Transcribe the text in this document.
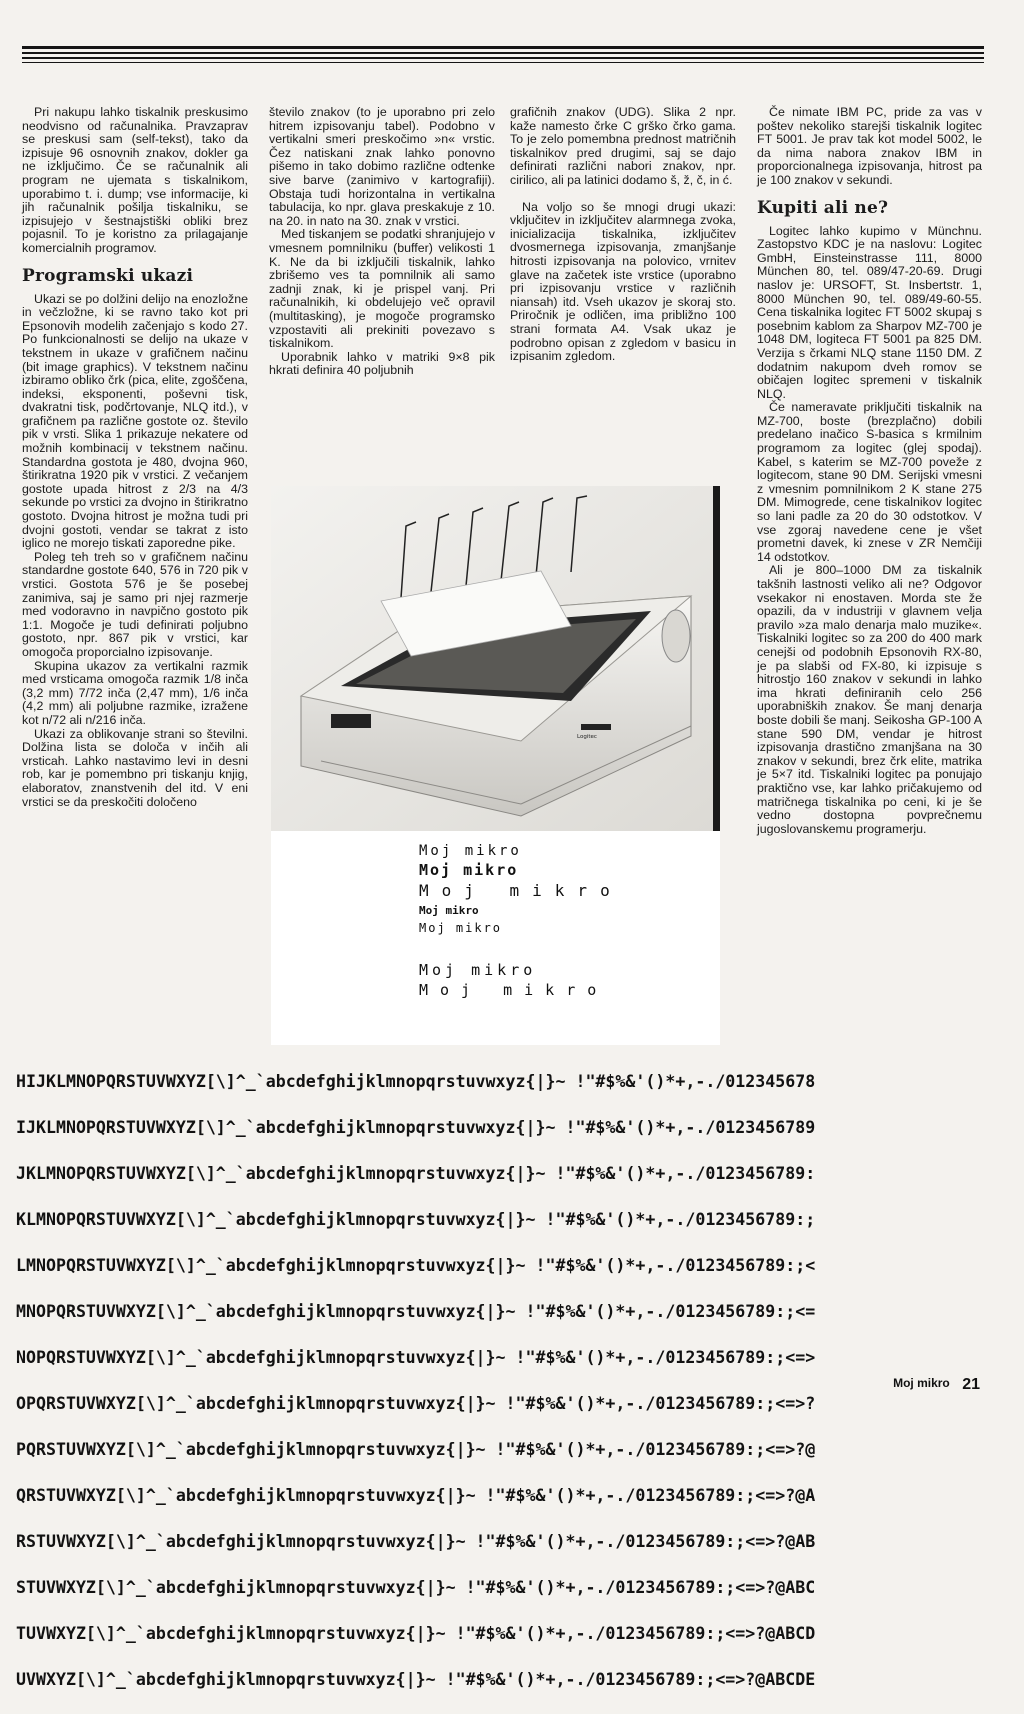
Pri nakupu lahko tiskalnik preskusimo neodvisno od računalnika. Pravzaprav se preskusi sam (self-tekst), tako da izpisuje 96 osnovnih znakov, dokler ga ne izključimo. Če se računalnik ali program ne ujemata s tiskalnikom, uporabimo t. i. dump; vse informacije, ki jih računalnik pošilja tiskalniku, se izpisujejo v šestnajstiški obliki brez pojasnil. To je koristno za prilagajanje komercialnih programov.

Programski ukazi

Ukazi se po dolžini delijo na enozložne in večzložne, ki se ravno tako kot pri Epsonovih modelih začenjajo s kodo 27. Po funkcionalnosti se delijo na ukaze v tekstnem in ukaze v grafičnem načinu (bit image graphics). V tekstnem načinu izbiramo obliko črk (pica, elite, zgoščena, indeksi, eksponenti, poševni tisk, dvakratni tisk, podčrtovanje, NLQ itd.), v grafičnem pa različne gostote oz. število pik v vrsti. Slika 1 prikazuje nekatere od možnih kombinacij v tekstnem načinu. Standardna gostota je 480, dvojna 960, štirikratna 1920 pik v vrstici. Z večanjem gostote upada hitrost z 2/3 na 4/3 sekunde po vrstici za dvojno in štirikratno gostoto. Dvojna hitrost je možna tudi pri dvojni gostoti, vendar se takrat z isto iglico ne morejo tiskati zaporedne pike.

Poleg teh treh so v grafičnem načinu standardne gostote 640, 576 in 720 pik v vrstici. Gostota 576 je še posebej zanimiva, saj je samo pri njej razmerje med vodoravno in navpično gostoto pik 1:1. Mogoče je tudi definirati poljubno gostoto, npr. 867 pik v vrstici, kar omogoča proporcialno izpisovanje.

Skupina ukazov za vertikalni razmik med vrsticama omogoča razmik 1/8 inča (3,2 mm) 7/72 inča (2,47 mm), 1/6 inča (4,2 mm) ali poljubne razmike, izražene kot n/72 ali n/216 inča.

Ukazi za oblikovanje strani so številni. Dolžina lista se določa v inčih ali vrsticah. Lahko nastavimo levi in desni rob, kar je pomembno pri tiskanju knjig, elaboratov, znanstvenih del itd. V eni vrstici se da preskočiti določeno

število znakov (to je uporabno pri zelo hitrem izpisovanju tabel). Podobno v vertikalni smeri preskočimo »n« vrstic. Čez natiskani znak lahko ponovno pišemo in tako dobimo različne odtenke sive barve (zanimivo v kartografiji). Obstaja tudi horizontalna in vertikalna tabulacija, ko npr. glava preskakuje z 10. na 20. in nato na 30. znak v vrstici.

Med tiskanjem se podatki shranjujejo v vmesnem pomnilniku (buffer) velikosti 1 K. Ne da bi izključili tiskalnik, lahko zbrišemo ves ta pomnilnik ali samo zadnji znak, ki je prispel vanj. Pri računalnikih, ki obdelujejo več opravil (multitasking), je mogoče programsko vzpostaviti ali prekiniti povezavo s tiskalnikom.

Uporabnik lahko v matriki 9×8 pik hkrati definira 40 poljubnih

grafičnih znakov (UDG). Slika 2 npr. kaže namesto črke C grško črko gama. To je zelo pomembna prednost matričnih tiskalnikov pred drugimi, saj se dajo definirati različni nabori znakov, npr. cirilico, ali pa latinici dodamo š, ž, č, in ć.

Na voljo so še mnogi drugi ukazi: vključitev in izključitev alarmnega zvoka, inicializacija tiskalnika, izključitev dvosmernega izpisovanja, zmanjšanje hitrosti izpisovanja na polovico, vrnitev glave na začetek iste vrstice (uporabno pri izpisovanju vrstice v različnih niansah) itd. Vseh ukazov je skoraj sto. Priročnik je odličen, ima približno 100 strani formata A4. Vsak ukaz je podrobno opisan z zgledom v basicu in izpisanim zgledom.

Če nimate IBM PC, pride za vas v poštev nekoliko starejši tiskalnik logitec FT 5001. Je prav tak kot model 5002, le da nima nabora znakov IBM in proporcionalnega izpisovanja, hitrost pa je 100 znakov v sekundi.

Kupiti ali ne?

Logitec lahko kupimo v Münchnu. Zastopstvo KDC je na naslovu: Logitec GmbH, Einsteinstrasse 111, 8000 München 80, tel. 089/47-20-69. Drugi naslov je: URSOFT, St. Insbertstr. 1, 8000 München 90, tel. 089/49-60-55. Cena tiskalnika logitec FT 5002 skupaj s posebnim kablom za Sharpov MZ-700 je 1048 DM, logitecа FT 5001 pa 825 DM. Verzija s črkami NLQ stane 1150 DM. Z dodatnim nakupom dveh romov se običajen logitec spremeni v tiskalnik NLQ.

Če nameravate priključiti tiskalnik na MZ-700, boste (brezplačno) dobili predelano inačico S-basica s krmilnim programom za logitec (glej spodaj). Kabel, s katerim se MZ-700 poveže z logitecom, stane 90 DM. Serijski vmesni z vmesnim pomnilnikom 2 K stane 275 DM. Mimogrede, cene tiskalnikov logitec so lani padle za 20 do 30 odstotkov. V vse zgoraj navedene cene je všet prometni davek, ki znese v ZR Nemčiji 14 odstotkov.

Ali je 800–1000 DM za tiskalnik takšnih lastnosti veliko ali ne? Odgovor vsekakor ni enostaven. Morda ste že opazili, da v industriji v glavnem velja pravilo »za malo denarja malo muzike«. Tiskalniki logitec so za 200 do 400 mark cenejši od podobnih Epsonovih RX-80, je pa slabši od FX-80, ki izpisuje s hitrostjo 160 znakov v sekundi in lahko ima hkrati definiranih celo 256 uporabniških znakov. Še manj denarja boste dobili še manj. Seikosha GP-100 A stane 590 DM, vendar je hitrost izpisovanja drastično zmanjšana na 30 znakov v sekundi, brez črk elite, matrika je 5×7 itd. Tiskalniki logitec pa ponujajo praktično vse, kar lahko pričakujemo od matričnega tiskalnika po ceni, ki je še vedno dostopna povprečnemu jugoslovanskemu programerju.

Logitec
Moj mikro
Moj mikro
Moj mikro
Moj mikro
Moj mikro
Moj mikro
Moj mikro

HIJKLMNOPQRSTUVWXYZ[\]^_`abcdefghijklmnopqrstuvwxyz{|}~ !"#$%&'()*+,-./012345678

IJKLMNOPQRSTUVWXYZ[\]^_`abcdefghijklmnopqrstuvwxyz{|}~ !"#$%&'()*+,-./0123456789

JKLMNOPQRSTUVWXYZ[\]^_`abcdefghijklmnopqrstuvwxyz{|}~ !"#$%&'()*+,-./0123456789:

KLMNOPQRSTUVWXYZ[\]^_`abcdefghijklmnopqrstuvwxyz{|}~ !"#$%&'()*+,-./0123456789:;

LMNOPQRSTUVWXYZ[\]^_`abcdefghijklmnopqrstuvwxyz{|}~ !"#$%&'()*+,-./0123456789:;<

MNOPQRSTUVWXYZ[\]^_`abcdefghijklmnopqrstuvwxyz{|}~ !"#$%&'()*+,-./0123456789:;<=

NOPQRSTUVWXYZ[\]^_`abcdefghijklmnopqrstuvwxyz{|}~ !"#$%&'()*+,-./0123456789:;<=>

OPQRSTUVWXYZ[\]^_`abcdefghijklmnopqrstuvwxyz{|}~ !"#$%&'()*+,-./0123456789:;<=>?

PQRSTUVWXYZ[\]^_`abcdefghijklmnopqrstuvwxyz{|}~ !"#$%&'()*+,-./0123456789:;<=>?@

QRSTUVWXYZ[\]^_`abcdefghijklmnopqrstuvwxyz{|}~ !"#$%&'()*+,-./0123456789:;<=>?@A

RSTUVWXYZ[\]^_`abcdefghijklmnopqrstuvwxyz{|}~ !"#$%&'()*+,-./0123456789:;<=>?@AB

STUVWXYZ[\]^_`abcdefghijklmnopqrstuvwxyz{|}~ !"#$%&'()*+,-./0123456789:;<=>?@ABC

TUVWXYZ[\]^_`abcdefghijklmnopqrstuvwxyz{|}~ !"#$%&'()*+,-./0123456789:;<=>?@ABCD

UVWXYZ[\]^_`abcdefghijklmnopqrstuvwxyz{|}~ !"#$%&'()*+,-./0123456789:;<=>?@ABCDE

Moj mikro 21
